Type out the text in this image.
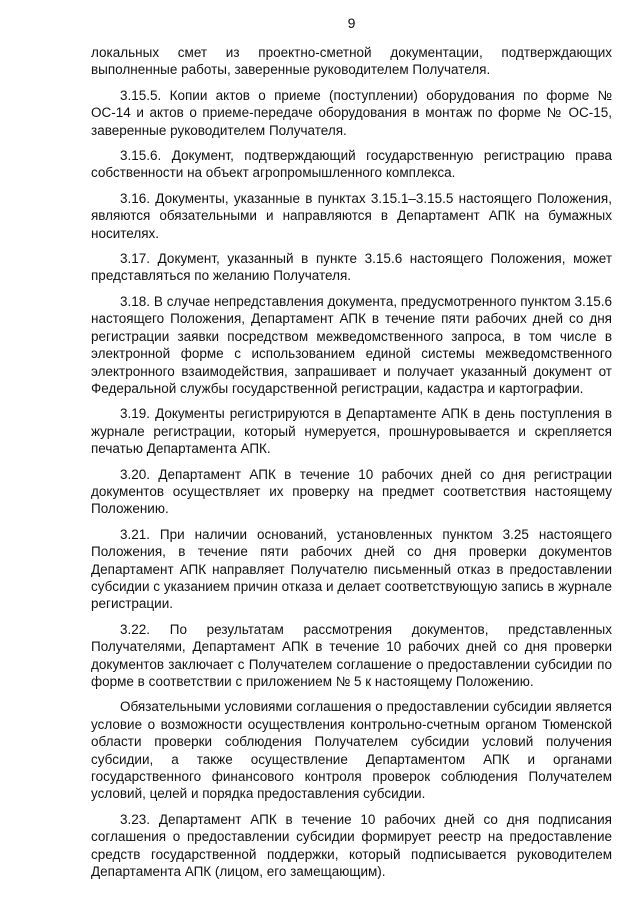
9

локальных смет из проектно-сметной документации, подтверждающих выполненные работы, заверенные руководителем Получателя.

3.15.5. Копии актов о приеме (поступлении) оборудования по форме № ОС-14 и актов о приеме-передаче оборудования в монтаж по форме № ОС-15, заверенные руководителем Получателя.

3.15.6. Документ, подтверждающий государственную регистрацию права собственности на объект агропромышленного комплекса.

3.16. Документы, указанные в пунктах 3.15.1–3.15.5 настоящего Положения, являются обязательными и направляются в Департамент АПК на бумажных носителях.

3.17. Документ, указанный в пункте 3.15.6 настоящего Положения, может представляться по желанию Получателя.

3.18. В случае непредставления документа, предусмотренного пунктом 3.15.6 настоящего Положения, Департамент АПК в течение пяти рабочих дней со дня регистрации заявки посредством межведомственного запроса, в том числе в электронной форме с использованием единой системы межведомственного электронного взаимодействия, запрашивает и получает указанный документ от Федеральной службы государственной регистрации, кадастра и картографии.

3.19. Документы регистрируются в Департаменте АПК в день поступления в журнале регистрации, который нумеруется, прошнуровывается и скрепляется печатью Департамента АПК.

3.20. Департамент АПК в течение 10 рабочих дней со дня регистрации документов осуществляет их проверку на предмет соответствия настоящему Положению.

3.21. При наличии оснований, установленных пунктом 3.25 настоящего Положения, в течение пяти рабочих дней со дня проверки документов Департамент АПК направляет Получателю письменный отказ в предоставлении субсидии с указанием причин отказа и делает соответствующую запись в журнале регистрации.

3.22. По результатам рассмотрения документов, представленных Получателями, Департамент АПК в течение 10 рабочих дней со дня проверки документов заключает с Получателем соглашение о предоставлении субсидии по форме в соответствии с приложением № 5 к настоящему Положению.

Обязательными условиями соглашения о предоставлении субсидии является условие о возможности осуществления контрольно-счетным органом Тюменской области проверки соблюдения Получателем субсидии условий получения субсидии, а также осуществление Департаментом АПК и органами государственного финансового контроля проверок соблюдения Получателем условий, целей и порядка предоставления субсидии.

3.23. Департамент АПК в течение 10 рабочих дней со дня подписания соглашения о предоставлении субсидии формирует реестр на предоставление средств государственной поддержки, который подписывается руководителем Департамента АПК (лицом, его замещающим).
